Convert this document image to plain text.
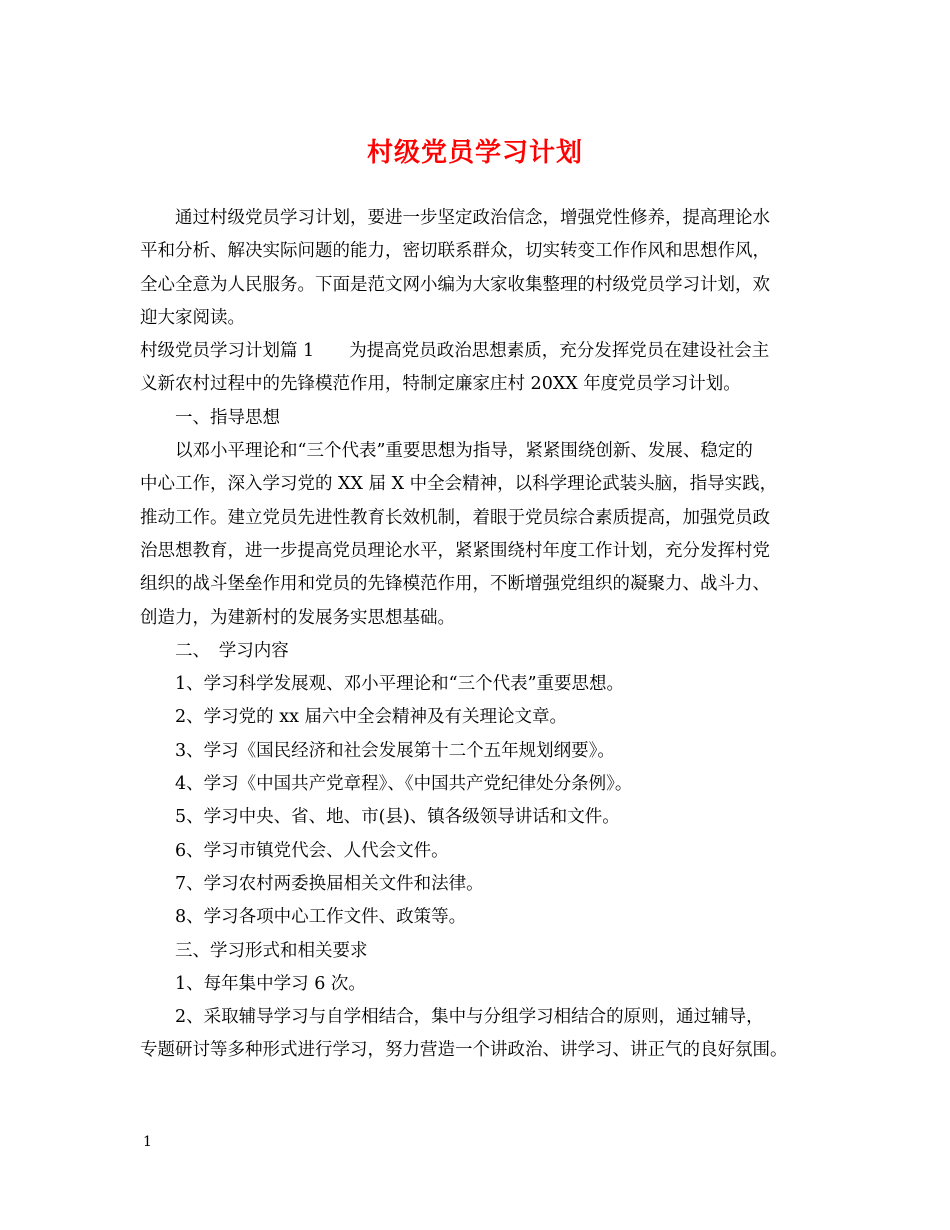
村级党员学习计划
通过村级党员学习计划，要进一步坚定政治信念，增强党性修养，提高理论水
平和分析、解决实际问题的能力，密切联系群众，切实转变工作作风和思想作风，
全心全意为人民服务。下面是范文网小编为大家收集整理的村级党员学习计划，欢
迎大家阅读。
村级党员学习计划篇 1　　为提高党员政治思想素质，充分发挥党员在建设社会主
义新农村过程中的先锋模范作用，特制定廉家庄村 20XX 年度党员学习计划。
一、指导思想
以邓小平理论和“三个代表”重要思想为指导，紧紧围绕创新、发展、稳定的
中心工作，深入学习党的 XX 届 X 中全会精神，以科学理论武装头脑，指导实践，
推动工作。建立党员先进性教育长效机制，着眼于党员综合素质提高，加强党员政
治思想教育，进一步提高党员理论水平，紧紧围绕村年度工作计划，充分发挥村党
组织的战斗堡垒作用和党员的先锋模范作用，不断增强党组织的凝聚力、战斗力、
创造力，为建新村的发展务实思想基础。
二、　学习内容
1、学习科学发展观、邓小平理论和“三个代表”重要思想。
2、学习党的 xx 届六中全会精神及有关理论文章。
3、学习《国民经济和社会发展第十二个五年规划纲要》。
4、学习《中国共产党章程》、《中国共产党纪律处分条例》。
5、学习中央、省、地、市(县)、镇各级领导讲话和文件。
6、学习市镇党代会、人代会文件。
7、学习农村两委换届相关文件和法律。
8、学习各项中心工作文件、政策等。
三、学习形式和相关要求
1、每年集中学习 6 次。
2、采取辅导学习与自学相结合，集中与分组学习相结合的原则，通过辅导，
专题研讨等多种形式进行学习，努力营造一个讲政治、讲学习、讲正气的良好氛围。
1
